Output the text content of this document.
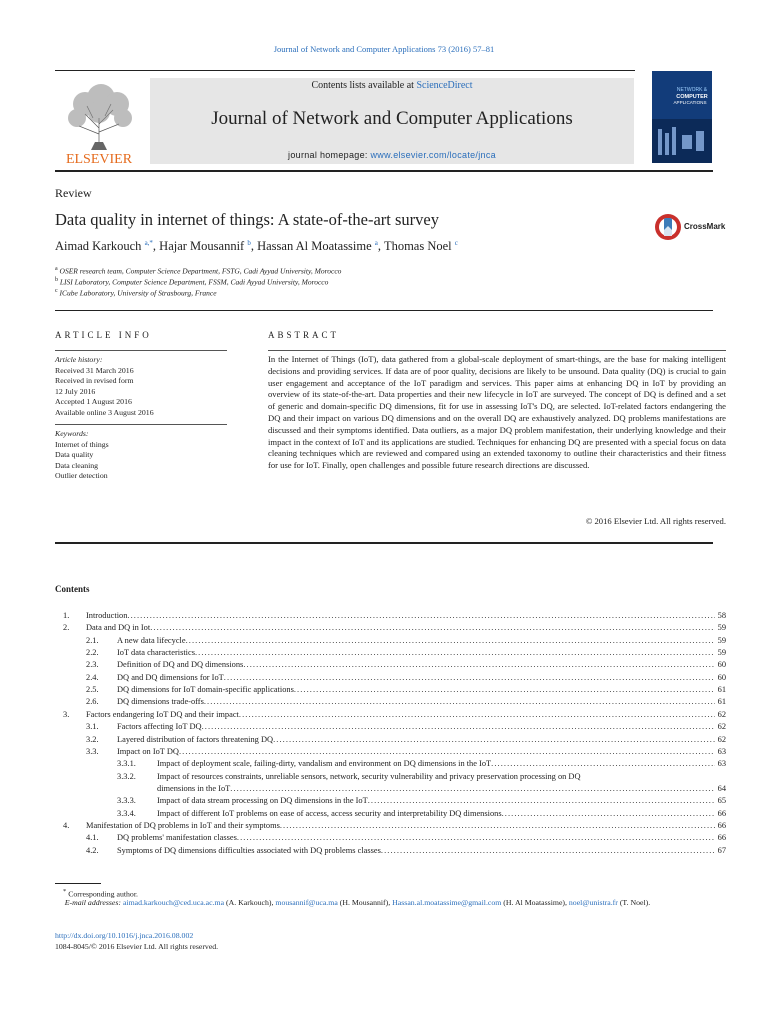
Journal of Network and Computer Applications 73 (2016) 57–81
ELSEVIER
Contents lists available at ScienceDirect
Journal of Network and Computer Applications
journal homepage: www.elsevier.com/locate/jnca
NETWORK &
COMPUTER
APPLICATIONS
Review
Data quality in internet of things: A state-of-the-art survey	CrossMark
Aimad Karkouch $^{a,*}$, Hajar Mousannif $^b$, Hassan Al Moatassime $^a$, Thomas Noel $^c$
$^a$ OSER research team, Computer Science Department, FSTG, Cadi Ayyad University, Morocco
$^b$ LISI Laboratory, Computer Science Department, FSSM, Cadi Ayyad University, Morocco
$^c$ ICube Laboratory, University of Strasbourg, France
ARTICLE INFO
Article history:
Received 31 March 2016
Received in revised form
12 July 2016
Accepted 1 August 2016
Available online 3 August 2016
Keywords:
Internet of things
Data quality
Data cleaning
Outlier detection
ABSTRACT
In the Internet of Things (IoT), data gathered from a global-scale deployment of smart-things, are the base for making intelligent decisions and providing services. If data are of poor quality, decisions are likely to be unsound. Data quality (DQ) is crucial to gain user engagement and acceptance of the IoT paradigm and services. This paper aims at enhancing DQ in IoT by providing an overview of its state-of-the-art. Data properties and their new lifecycle in IoT are surveyed. The concept of DQ is defined and a set of generic and domain-specific DQ dimensions, fit for use in assessing IoT's DQ, are selected. IoT-related factors endangering the DQ and their impact on various DQ dimensions and on the overall DQ are exhaustively analyzed. DQ problems manifestations are discussed and their symptoms identified. Data outliers, as a major DQ problem manifestation, their underlying knowledge and their impact in the context of IoT and its applications are studied. Techniques for enhancing DQ are presented with a special focus on data cleaning techniques which are reviewed and compared using an extended taxonomy to outline their characteristics and their fitness for use for IoT. Finally, open challenges and possible future research directions are discussed.
© 2016 Elsevier Ltd. All rights reserved.
Contents
1. Introduction . . .	58
2. Data and DQ in Iot . . .	59
2.1. A new data lifecycle . . .	59
2.2. IoT data characteristics . . .	59
2.3. Definition of DQ and DQ dimensions . . .	60
2.4. DQ and DQ dimensions for IoT . . .	60
2.5. DQ dimensions for IoT domain-specific applications . . .	61
2.6. DQ dimensions trade-offs . . .	61
3. Factors endangering IoT DQ and their impact . . .	62
3.1. Factors affecting IoT DQ . . .	62
3.2. Layered distribution of factors threatening DQ . . .	62
3.3. Impact on IoT DQ . . .	63
3.3.1.	Impact of deployment scale, failing-dirty, vandalism and environment on DQ dimensions in the IoT . . .	63
3.3.2.	Impact of resources constraints, unreliable sensors, network, security vulnerability and privacy preservation processing on DQ
dimensions in the IoT . . .	64
3.3.3.	Impact of data stream processing on DQ dimensions in the IoT . . .	65
3.3.4.	Impact of different IoT problems on ease of access, access security and interpretability DQ dimensions . . .	66
4. Manifestation of DQ problems in IoT and their symptoms . . .	66
4.1. DQ problems' manifestation classes . . .	66
4.2. Symptoms of DQ dimensions difficulties associated with DQ problems classes . . .	67
* Corresponding author.
E-mail addresses: aimad.karkouch@ced.uca.ac.ma (A. Karkouch), mousannif@uca.ma (H. Mousannif), Hassan.al.moatassime@gmail.com (H. Al Moatassime), noel@unistra.fr (T. Noel).
http://dx.doi.org/10.1016/j.jnca.2016.08.002
1084-8045/© 2016 Elsevier Ltd. All rights reserved.
